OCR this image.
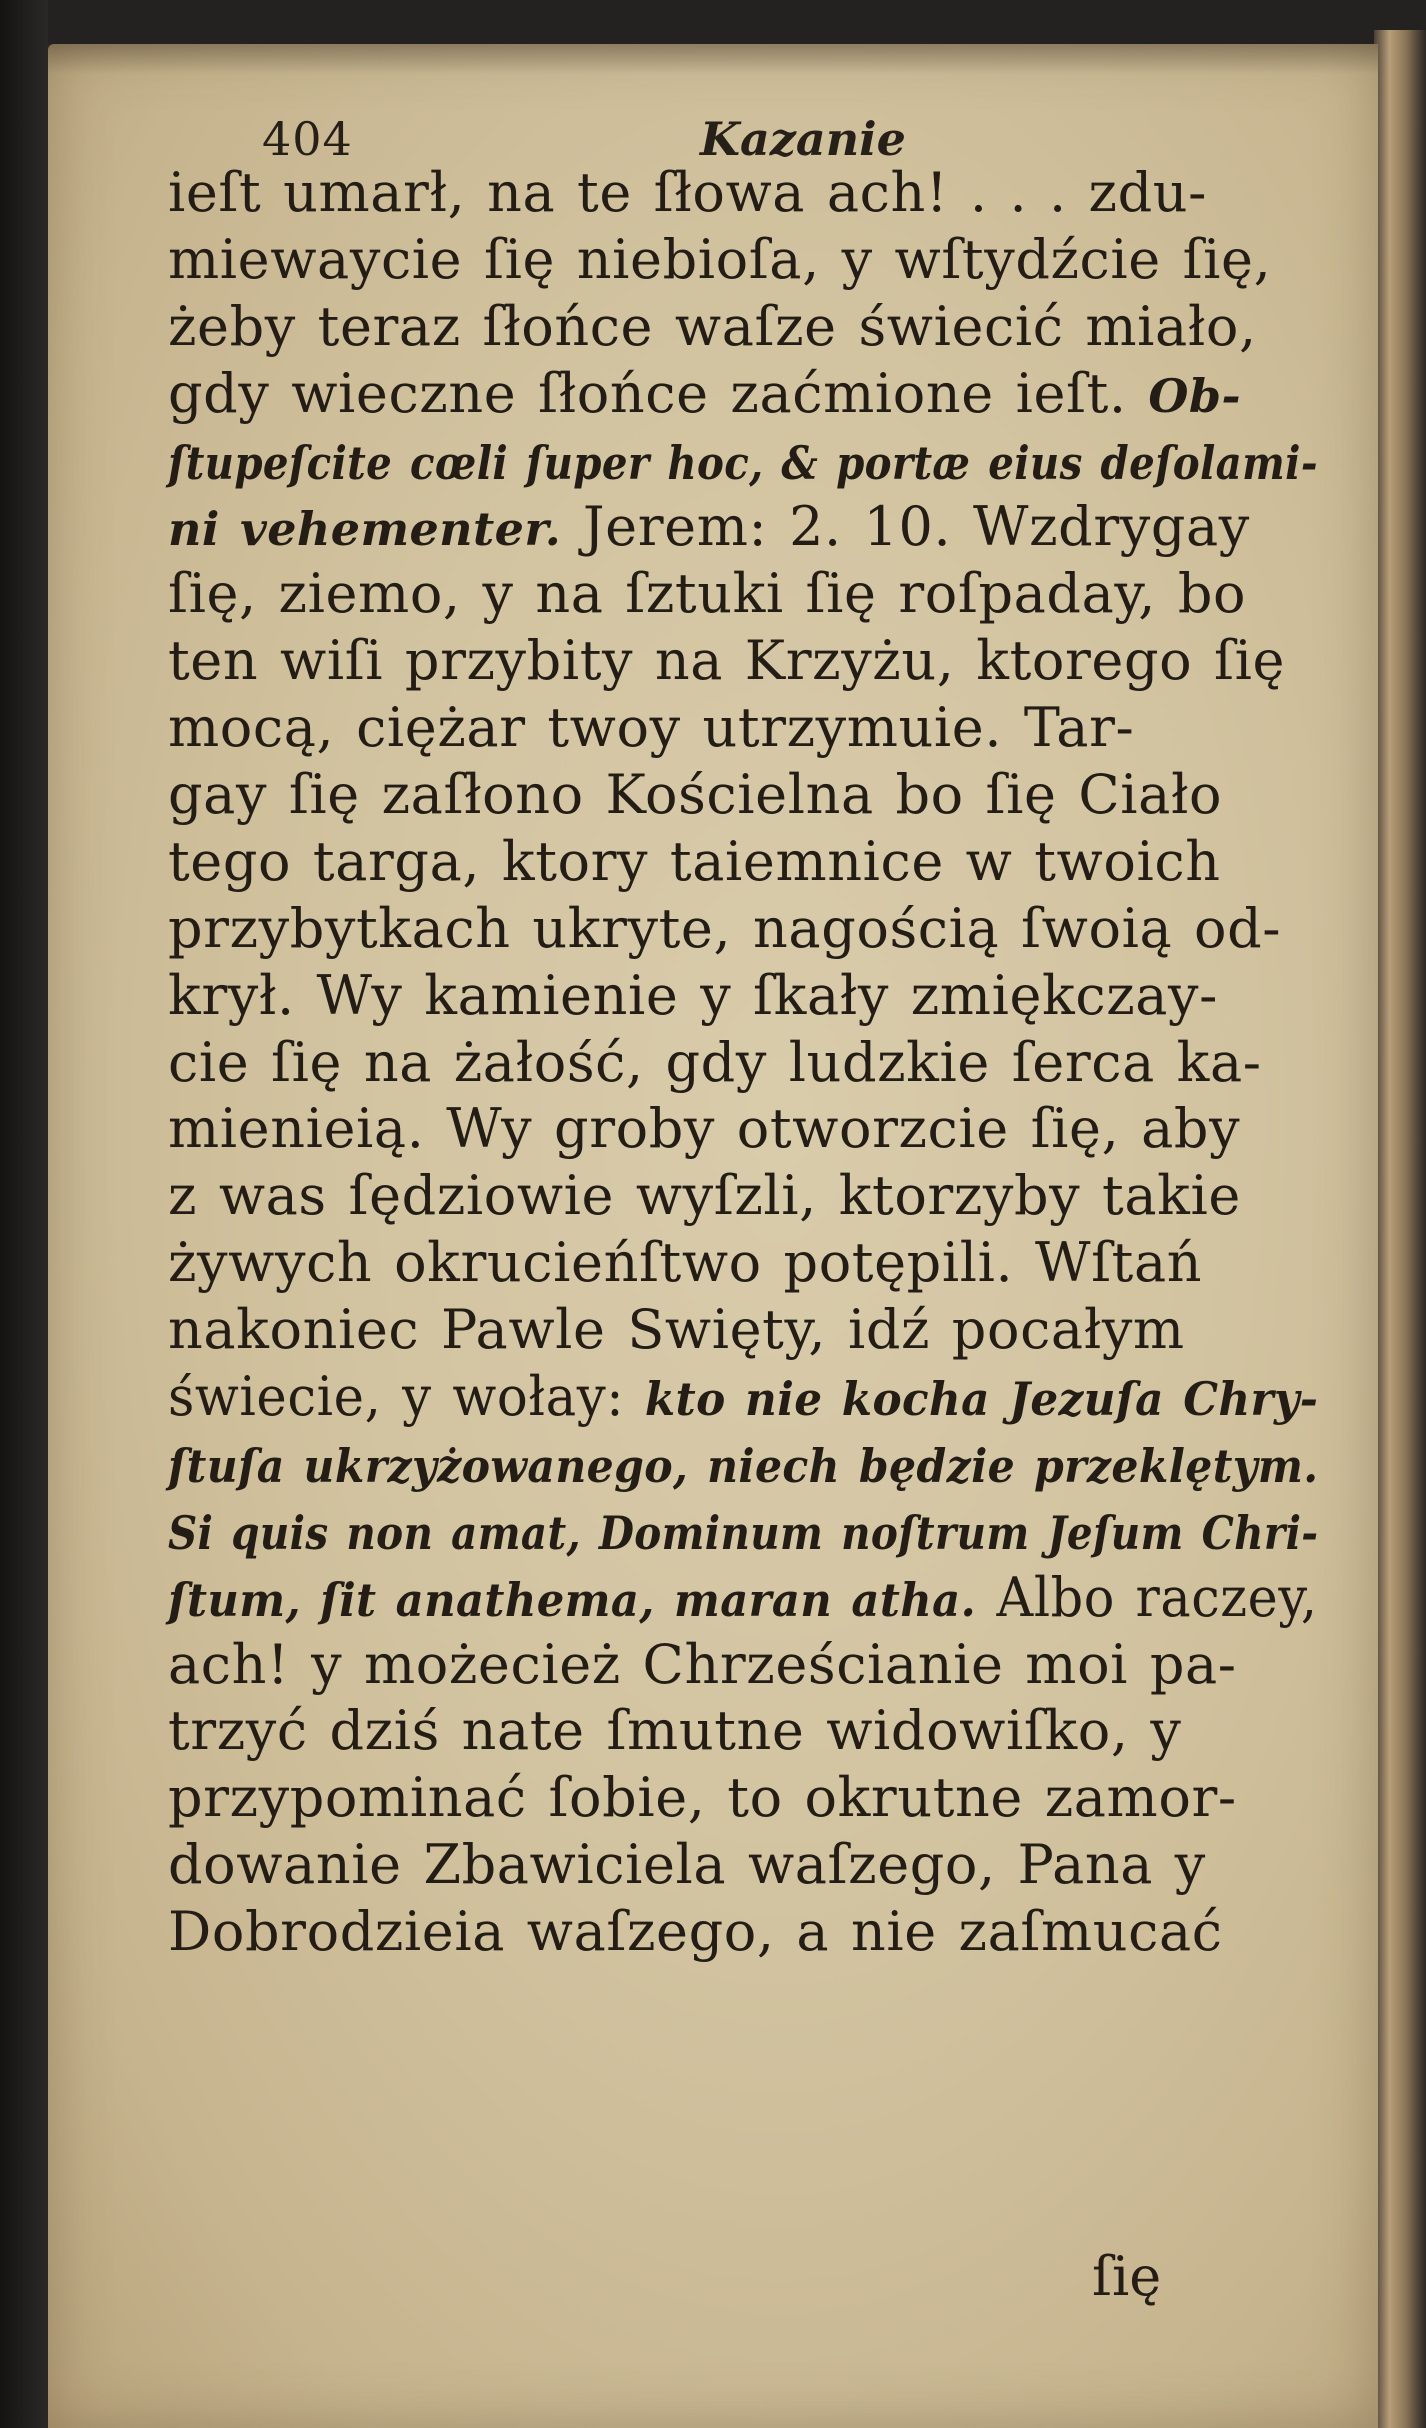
404	Kazanie
ieſt umarł, na te ſłowa ach! . . . zdu-
miewaycie ſię niebioſa, y wſtydźcie ſię,
żeby teraz ſłońce waſze świecić miało,
gdy wieczne ſłońce zaćmione ieſt. Ob-
ſtupeſcite cœli ſuper hoc, & portæ eius deſolami-
ni vehementer. Jerem: 2. 10. Wzdrygay
ſię, ziemo, y na ſztuki ſię roſpaday, bo
ten wiſi przybity na Krzyżu, ktorego ſię
mocą, ciężar twoy utrzymuie. Tar-
gay ſię zaſłono Kościelna bo ſię Ciało
tego targa, ktory taiemnice w twoich
przybytkach ukryte, nagością ſwoią od-
krył. Wy kamienie y ſkały zmiękczay-
cie ſię na żałość, gdy ludzkie ſerca ka-
mienieią. Wy groby otworzcie ſię, aby
z was ſędziowie wyſzli, ktorzyby takie
żywych okrucieńſtwo potępili. Wſtań
nakoniec Pawle Swięty, idź pocałym
świecie, y wołay: kto nie kocha Jezuſa Chry-
ſtuſa ukrzyżowanego, niech będzie przeklętym.
Si quis non amat, Dominum noſtrum Jeſum Chri-
ſtum, ſit anathema, maran atha. Albo raczey,
ach! y możecież Chrześcianie moi pa-
trzyć dziś nate ſmutne widowiſko, y
przypominać ſobie, to okrutne zamor-
dowanie Zbawiciela waſzego, Pana y
Dobrodzieia waſzego, a nie zaſmucać
ſię
